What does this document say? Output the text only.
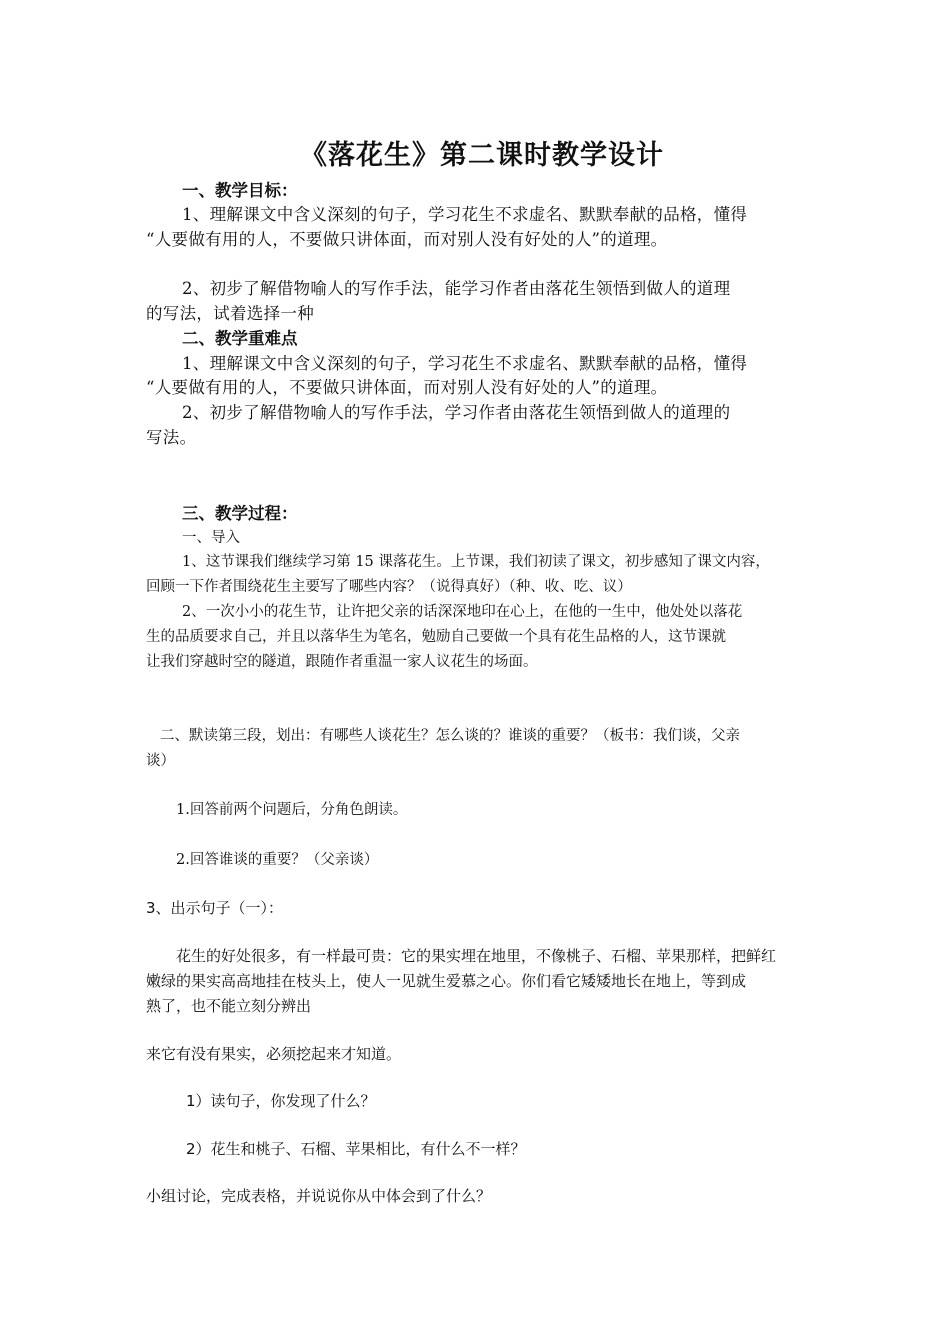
《落花生》第二课时教学设计
一、教学目标：
1、理解课文中含义深刻的句子，学习花生不求虚名、默默奉献的品格，懂得
“人要做有用的人，不要做只讲体面，而对别人没有好处的人”的道理。
2、初步了解借物喻人的写作手法，能学习作者由落花生领悟到做人的道理
的写法，试着选择一种
二、教学重难点
1、理解课文中含义深刻的句子，学习花生不求虚名、默默奉献的品格，懂得
“人要做有用的人，不要做只讲体面，而对别人没有好处的人”的道理。
2、初步了解借物喻人的写作手法，学习作者由落花生领悟到做人的道理的
写法。
三、教学过程：
一、导入
1、这节课我们继续学习第 15 课落花生。上节课，我们初读了课文，初步感知了课文内容，
回顾一下作者围绕花生主要写了哪些内容？（说得真好）（种、收、吃、议）
2、一次小小的花生节，让许把父亲的话深深地印在心上，在他的一生中，他处处以落花
生的品质要求自己，并且以落华生为笔名，勉励自己要做一个具有花生品格的人，这节课就
让我们穿越时空的隧道，跟随作者重温一家人议花生的场面。
二、默读第三段，划出：有哪些人谈花生？怎么谈的？谁谈的重要？（板书：我们谈，父亲
谈）
1.回答前两个问题后，分角色朗读。
2.回答谁谈的重要？（父亲谈）
3、出示句子（一）：
花生的好处很多，有一样最可贵：它的果实埋在地里，不像桃子、石榴、苹果那样，把鲜红
嫩绿的果实高高地挂在枝头上，使人一见就生爱慕之心。你们看它矮矮地长在地上，等到成
熟了，也不能立刻分辨出
来它有没有果实，必须挖起来才知道。
1）读句子，你发现了什么？
2）花生和桃子、石榴、苹果相比，有什么不一样？
小组讨论，完成表格，并说说你从中体会到了什么？
